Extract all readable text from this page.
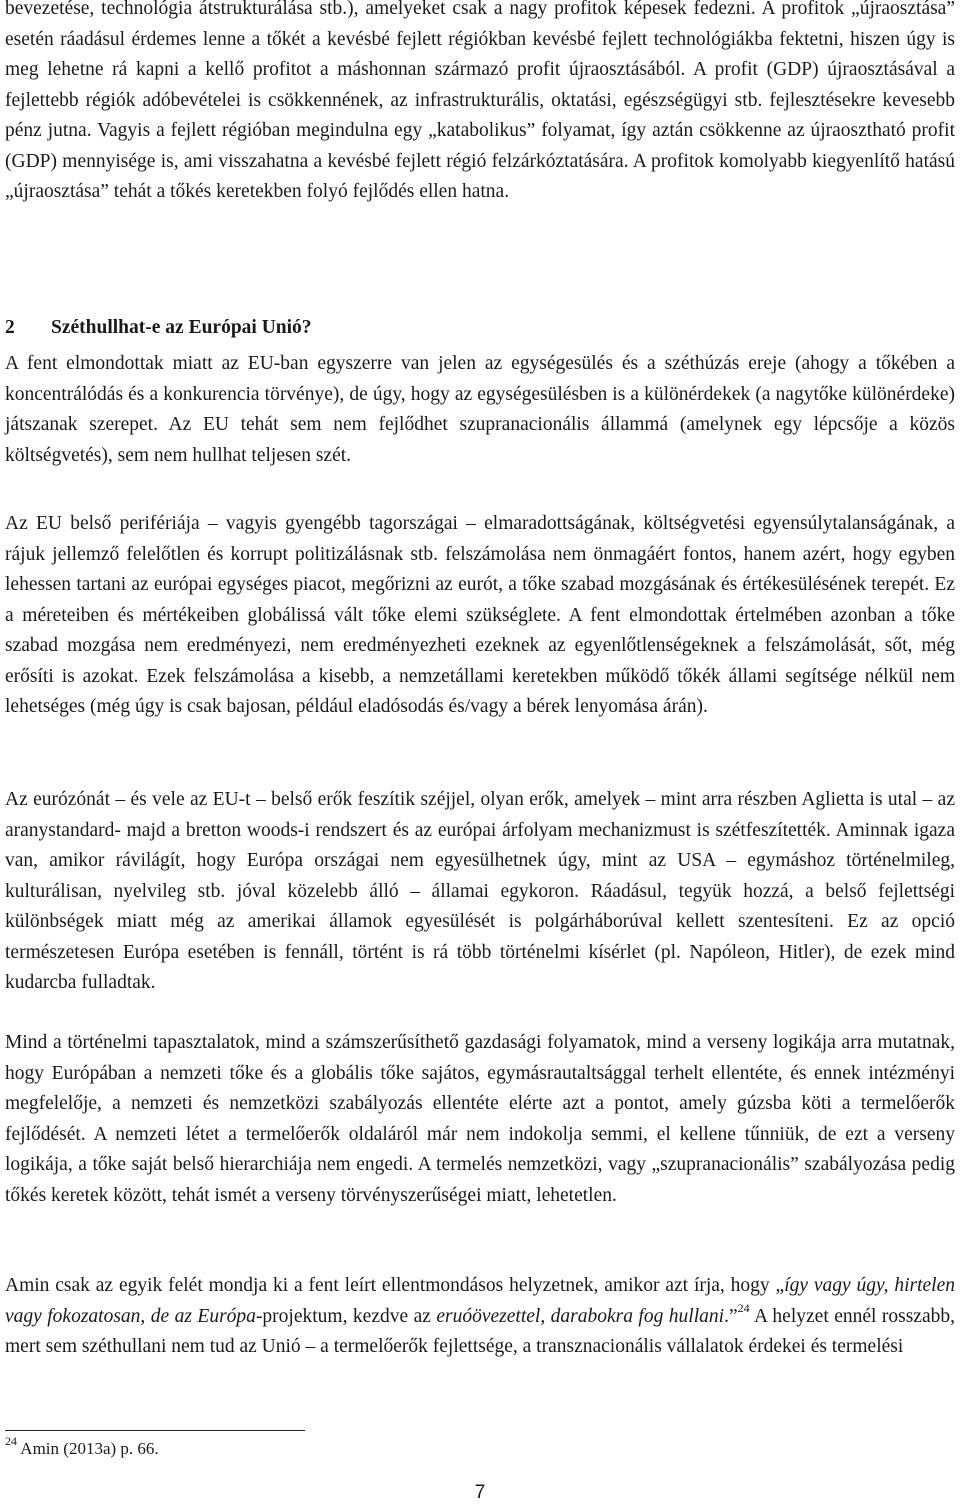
bevezetése, technológia átstrukturálása stb.), amelyeket csak a nagy profitok képesek fedezni. A profitok „újraosztása” esetén ráadásul érdemes lenne a tőkét a kevésbé fejlett régiókban kevésbé fejlett technológiákba fektetni, hiszen úgy is meg lehetne rá kapni a kellő profitot a máshonnan származó profit újraosztásából. A profit (GDP) újraosztásával a fejlettebb régiók adóbevételei is csökkennének, az infrastrukturális, oktatási, egészségügyi stb. fejlesztésekre kevesebb pénz jutna. Vagyis a fejlett régióban megindulna egy „katabolikus” folyamat, így aztán csökkenne az újraosztható profit (GDP) mennyisége is, ami visszahatna a kevésbé fejlett régió felzárkóztatására. A profitok komolyabb kiegyenlítő hatású „újraosztása” tehát a tőkés keretekben folyó fejlődés ellen hatna.

2 Széthullhat-e az Európai Unió?

A fent elmondottak miatt az EU-ban egyszerre van jelen az egységesülés és a széthúzás ereje (ahogy a tőkében a koncentrálódás és a konkurencia törvénye), de úgy, hogy az egységesülésben is a különérdekek (a nagytőke különérdeke) játszanak szerepet. Az EU tehát sem nem fejlődhet szupranacionális állammá (amelynek egy lépcsője a közös költségvetés), sem nem hullhat teljesen szét.

Az EU belső perifériája – vagyis gyengébb tagországai – elmaradottságának, költségvetési egyensúlytalanságának, a rájuk jellemző felelőtlen és korrupt politizálásnak stb. felszámolása nem önmagáért fontos, hanem azért, hogy egyben lehessen tartani az európai egységes piacot, megőrizni az eurót, a tőke szabad mozgásának és értékesülésének terepét. Ez a méreteiben és mértékeiben globálissá vált tőke elemi szükséglete. A fent elmondottak értelmében azonban a tőke szabad mozgása nem eredményezi, nem eredményezheti ezeknek az egyenlőtlenségeknek a felszámolását, sőt, még erősíti is azokat. Ezek felszámolása a kisebb, a nemzetállami keretekben működő tőkék állami segítsége nélkül nem lehetséges (még úgy is csak bajosan, például eladósodás és/vagy a bérek lenyomása árán).

Az eurózónát – és vele az EU-t – belső erők feszítik széjjel, olyan erők, amelyek – mint arra részben Aglietta is utal – az aranystandard- majd a bretton woods-i rendszert és az európai árfolyam mechanizmust is szétfeszítették. Aminnak igaza van, amikor rávilágít, hogy Európa országai nem egyesülhetnek úgy, mint az USA – egymáshoz történelmileg, kulturálisan, nyelvileg stb. jóval közelebb álló – államai egykoron. Ráadásul, tegyük hozzá, a belső fejlettségi különbségek miatt még az amerikai államok egyesülését is polgárháborúval kellett szentesíteni. Ez az opció természetesen Európa esetében is fennáll, történt is rá több történelmi kísérlet (pl. Napóleon, Hitler), de ezek mind kudarcba fulladtak.

Mind a történelmi tapasztalatok, mind a számszerűsíthető gazdasági folyamatok, mind a verseny logikája arra mutatnak, hogy Európában a nemzeti tőke és a globális tőke sajátos, egymásrautaltsággal terhelt ellentéte, és ennek intézményi megfelelője, a nemzeti és nemzetközi szabályozás ellentéte elérte azt a pontot, amely gúzsba köti a termelőerők fejlődését. A nemzeti létet a termelőerők oldaláról már nem indokolja semmi, el kellene tűnniük, de ezt a verseny logikája, a tőke saját belső hierarchiája nem engedi. A termelés nemzetközi, vagy „szupranacionális” szabályozása pedig tőkés keretek között, tehát ismét a verseny törvényszerűségei miatt, lehetetlen.

Amin csak az egyik felét mondja ki a fent leírt ellentmondásos helyzetnek, amikor azt írja, hogy „így vagy úgy, hirtelen vagy fokozatosan, de az Európa-projektum, kezdve az eruóövezettel, darabokra fog hullani.”$^{24}$ A helyzet ennél rosszabb, mert sem széthullani nem tud az Unió – a termelőerők fejlettsége, a transznacionális vállalatok érdekei és termelési

$^{24}$ Amin (2013a) p. 66.

7
